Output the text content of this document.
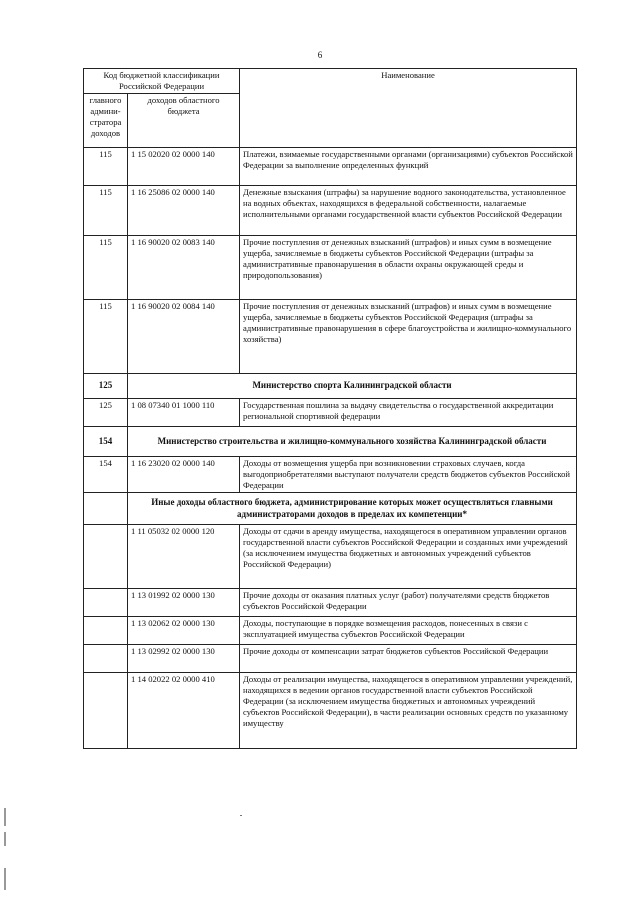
6
Код бюджетной классификации Российской Федерации		Наименование
главного админи-стратора доходов	доходов областного бюджета	
115	1 15 02020 02 0000 140	Платежи, взимаемые государственными органами (организациями) субъектов Российской Федерации за выполнение определенных функций
115	1 16 25086 02 0000 140	Денежные взыскания (штрафы) за нарушение водного законодательства, установленное на водных объектах, находящихся в федеральной собственности, налагаемые исполнительными органами государственной власти субъектов Российской Федерации
115	1 16 90020 02 0083 140	Прочие поступления от денежных взысканий (штрафов) и иных сумм в возмещение ущерба, зачисляемые в бюджеты субъектов Российской Федерации (штрафы за административные правонарушения в области охраны окружающей среды и природопользования)
115	1 16 90020 02 0084 140	Прочие поступления от денежных взысканий (штрафов) и иных сумм в возмещение ущерба, зачисляемые в бюджеты субъектов Российской Федерация (штрафы за административные правонарушения в сфере благоустройства и жилищно-коммунального хозяйства)
125	Министерство спорта Калининградской области	
125	1 08 07340 01 1000 110	Государственная пошлина за выдачу свидетельства о государственной аккредитации региональной спортивной федерации
154	Министерство строительства и жилищно-коммунального хозяйства Калининградской области	
154	1 16 23020 02 0000 140	Доходы от возмещения ущерба при возникновении страховых случаев, когда выгодоприобретателями выступают получатели средств бюджетов субъектов Российской Федерации
	Иные доходы областного бюджета, администрирование которых может осуществляться главными администраторами доходов в пределах их компетенции*	
	1 11 05032 02 0000 120	Доходы от сдачи в аренду имущества, находящегося в оперативном управлении органов государственной власти субъектов Российской Федерации и созданных ими учреждений (за исключением имущества бюджетных и автономных учреждений субъектов Российской Федерации)
	1 13 01992 02 0000 130	Прочие доходы от оказания платных услуг (работ) получателями средств бюджетов субъектов Российской Федерации
	1 13 02062 02 0000 130	Доходы, поступающие в порядке возмещения расходов, понесенных в связи с эксплуатацией имущества субъектов Российской Федерации
	1 13 02992 02 0000 130	Прочие доходы от компенсации затрат бюджетов субъектов Российской Федерации
	1 14 02022 02 0000 410	Доходы от реализации имущества, находящегося в оперативном управлении учреждений, находящихся в ведении органов государственной власти субъектов Российской Федерации (за исключением имущества бюджетных и автономных учреждений субъектов Российской Федерации), в части реализации основных средств по указанному имуществу
